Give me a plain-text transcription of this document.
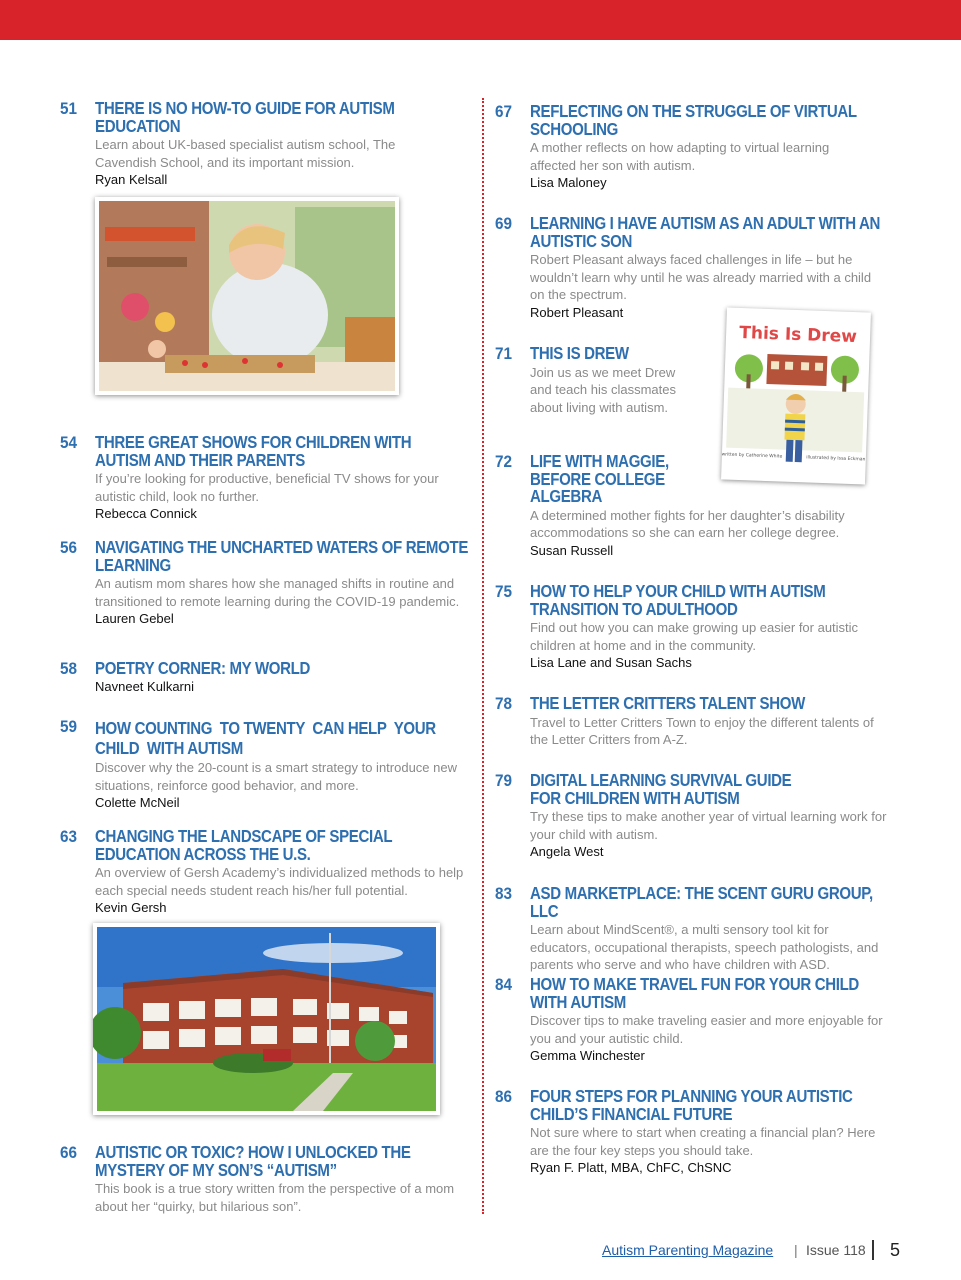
51 THERE IS NO HOW-TO GUIDE FOR AUTISM EDUCATION
Learn about UK-based specialist autism school, The Cavendish School, and its important mission.
Ryan Kelsall
54 THREE GREAT SHOWS FOR CHILDREN WITH AUTISM AND THEIR PARENTS
If you’re looking for productive, beneficial TV shows for your autistic child, look no further.
Rebecca Connick
56 NAVIGATING THE UNCHARTED WATERS OF REMOTE LEARNING
An autism mom shares how she managed shifts in routine and transitioned to remote learning during the COVID-19 pandemic.
Lauren Gebel
58 POETRY CORNER: MY WORLD
Navneet Kulkarni
59 HOW COUNTING  TO TWENTY  CAN HELP  YOUR CHILD  WITH AUTISM
Discover why the 20-count is a smart strategy to introduce new situations, reinforce good behavior, and more.
Colette McNeil
63 CHANGING THE LANDSCAPE OF SPECIAL EDUCATION ACROSS THE U.S.
An overview of Gersh Academy’s individualized methods to help each special needs student reach his/her full potential.
Kevin Gersh
66 AUTISTIC OR TOXIC? HOW I UNLOCKED THE MYSTERY OF MY SON’S “AUTISM”
This book is a true story written from the perspective of a mom about her “quirky, but hilarious son”.
67 REFLECTING ON THE STRUGGLE OF VIRTUAL SCHOOLING
A mother reflects on how adapting to virtual learning affected her son with autism.
Lisa Maloney
69 LEARNING I HAVE AUTISM AS AN ADULT WITH AN AUTISTIC SON
Robert Pleasant always faced challenges in life – but he wouldn’t learn why until he was already married with a child on the spectrum.
Robert Pleasant
71 THIS IS DREW
Join us as we meet Drew and teach his classmates about living with autism.
This Is Drew
written by Catherine White	illustrated by Issa Eckman
72 LIFE WITH MAGGIE, BEFORE COLLEGE ALGEBRA
A determined mother fights for her daughter’s disability accommodations so she can earn her college degree.
Susan Russell
75 HOW TO HELP YOUR CHILD WITH AUTISM TRANSITION TO ADULTHOOD
Find out how you can make growing up easier for autistic children at home and in the community.
Lisa Lane and Susan Sachs
78 THE LETTER CRITTERS TALENT SHOW
Travel to Letter Critters Town to enjoy the different talents of the Letter Critters from A-Z.
79 DIGITAL LEARNING SURVIVAL GUIDE FOR CHILDREN WITH AUTISM
Try these tips to make another year of virtual learning work for your child with autism.
Angela West
83 ASD MARKETPLACE: THE SCENT GURU GROUP, LLC
Learn about MindScent®, a multi sensory tool kit for educators, occupational therapists, speech pathologists, and parents who serve and who have children with ASD.
84 HOW TO MAKE TRAVEL FUN FOR YOUR CHILD WITH AUTISM
Discover tips to make traveling easier and more enjoyable for you and your autistic child.
Gemma Winchester
86 FOUR STEPS FOR PLANNING YOUR AUTISTIC CHILD’S FINANCIAL FUTURE
Not sure where to start when creating a financial plan? Here are the four key steps you should take.
Ryan F. Platt, MBA, ChFC, ChSNC
Autism Parenting Magazine | Issue 118 5
